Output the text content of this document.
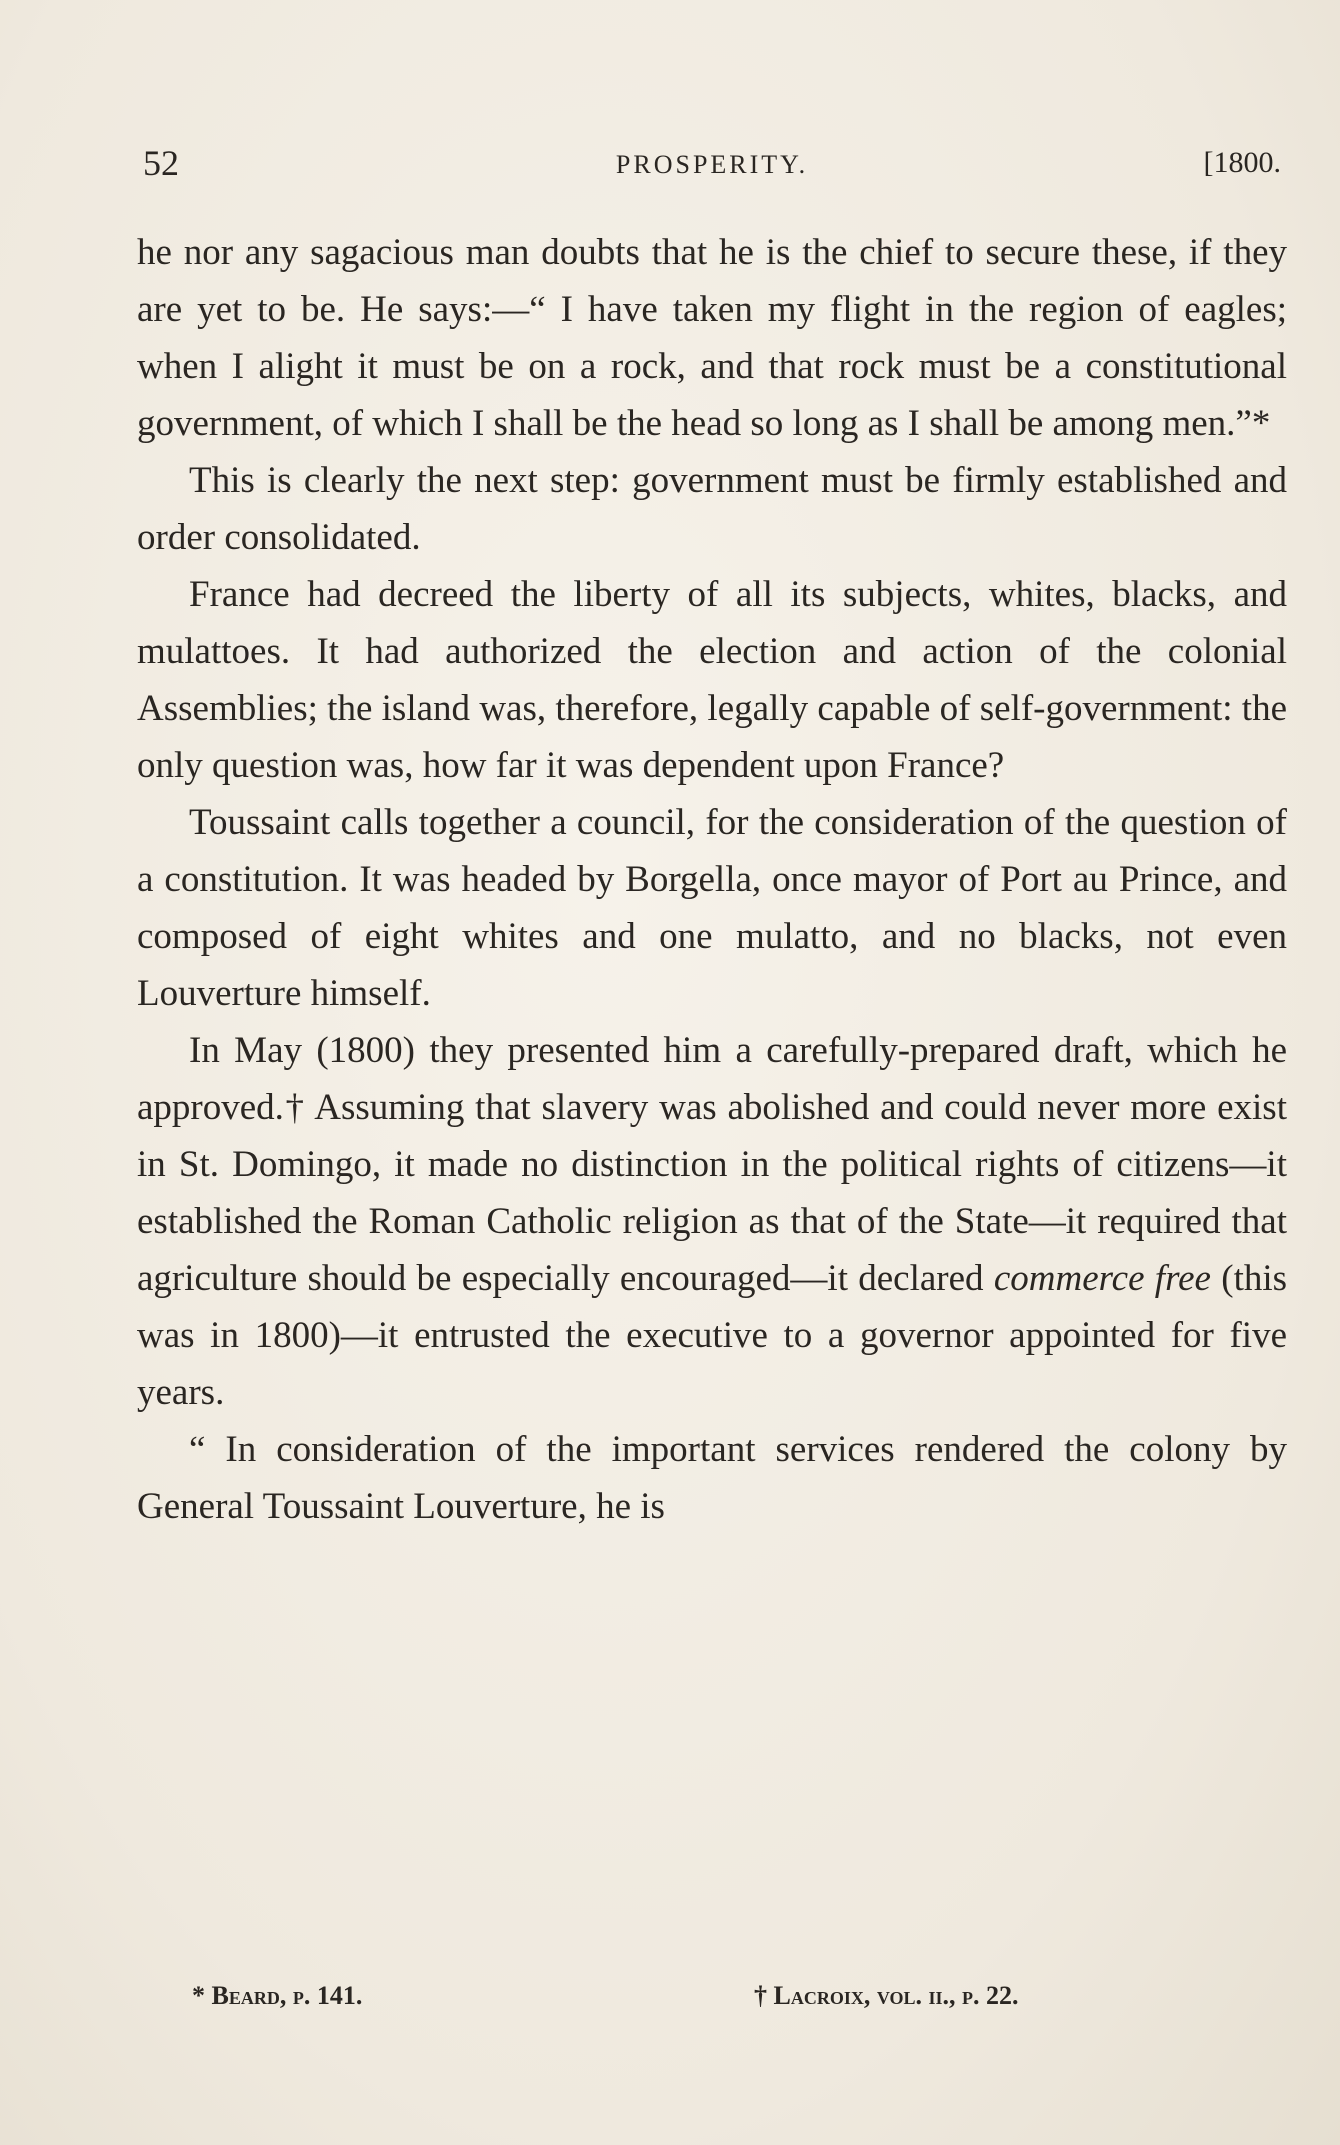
52	PROSPERITY.	[1800.

he nor any sagacious man doubts that he is the chief to secure these, if they are yet to be. He says:—“ I have taken my flight in the region of eagles; when I alight it must be on a rock, and that rock must be a constitutional government, of which I shall be the head so long as I shall be among men.”*

This is clearly the next step: government must be firmly established and order consolidated.

France had decreed the liberty of all its subjects, whites, blacks, and mulattoes. It had authorized the election and action of the colonial Assemblies; the island was, therefore, legally capable of self-government: the only question was, how far it was dependent upon France?

Toussaint calls together a council, for the consideration of the question of a constitution. It was headed by Borgella, once mayor of Port au Prince, and composed of eight whites and one mulatto, and no blacks, not even Louverture himself.

In May (1800) they presented him a carefully-prepared draft, which he approved.† Assuming that slavery was abolished and could never more exist in St. Domingo, it made no distinction in the political rights of citizens—it established the Roman Catholic religion as that of the State—it required that agriculture should be especially encouraged—it declared commerce free (this was in 1800)—it entrusted the executive to a governor appointed for five years.

“ In consideration of the important services rendered the colony by General Toussaint Louverture, he is

* Beard, p. 141.	† Lacroix, vol. ii., p. 22.
